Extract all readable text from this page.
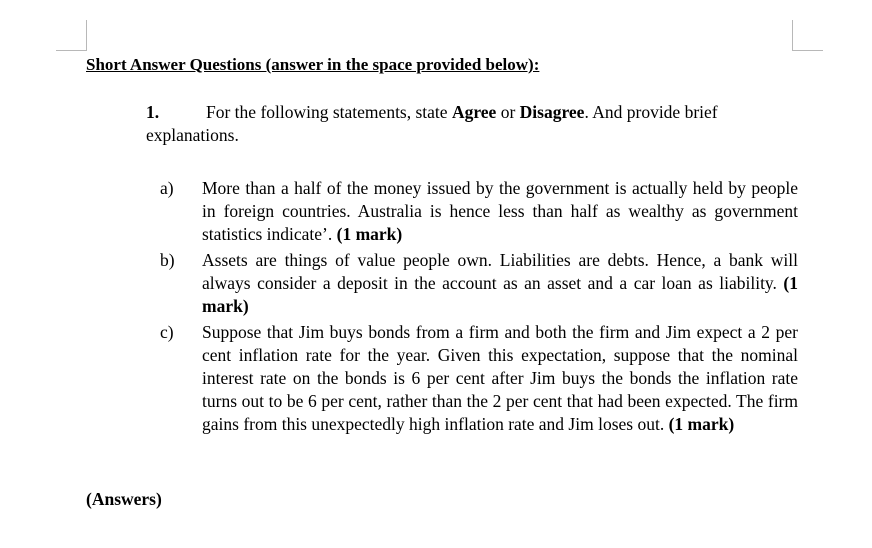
Short Answer Questions (answer in the space provided below):
1.	For the following statements, state Agree or Disagree. And provide brief explanations.
a)	More than a half of the money issued by the government is actually held by people in foreign countries. Australia is hence less than half as wealthy as government statistics indicate’. (1 mark)
b)	Assets are things of value people own. Liabilities are debts. Hence, a bank will always consider a deposit in the account as an asset and a car loan as liability. (1 mark)
c)	Suppose that Jim buys bonds from a firm and both the firm and Jim expect a 2 per cent inflation rate for the year. Given this expectation, suppose that the nominal interest rate on the bonds is 6 per cent after Jim buys the bonds the inflation rate turns out to be 6 per cent, rather than the 2 per cent that had been expected. The firm gains from this unexpectedly high inflation rate and Jim loses out. (1 mark)
(Answers)
